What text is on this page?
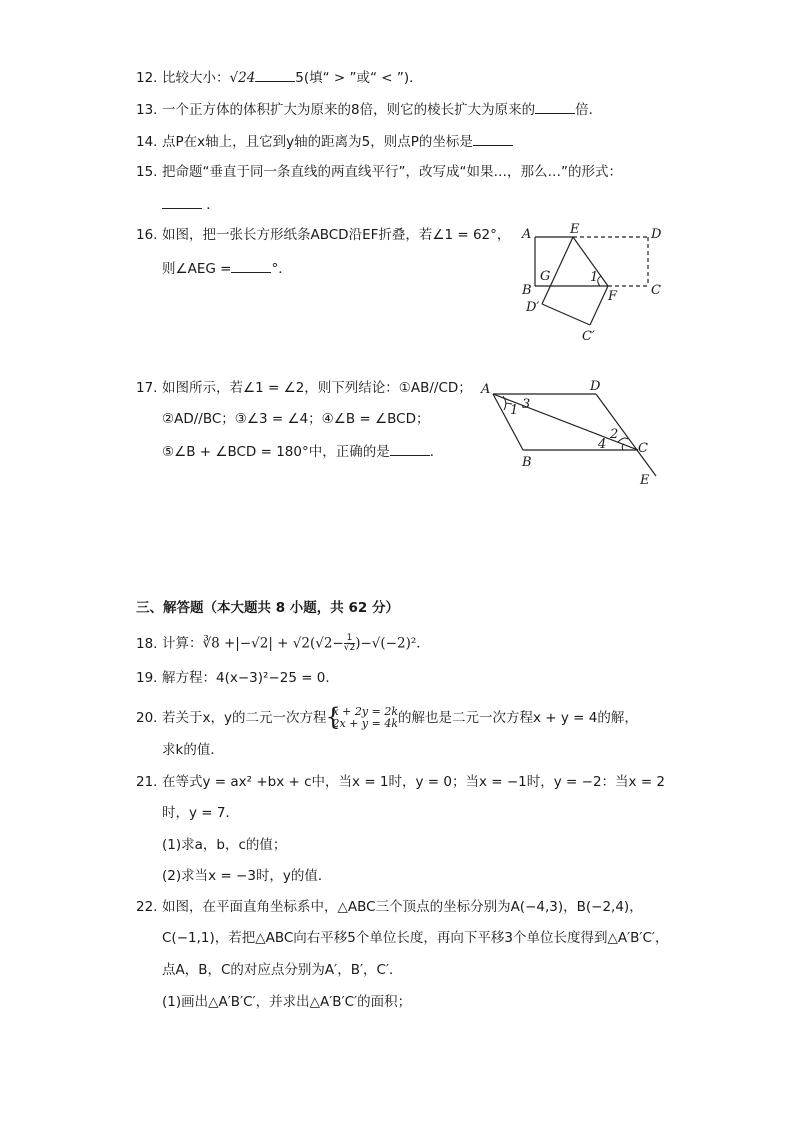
12. 比较大小：√24	5(填“ > ”或“ < ”)．
13. 一个正方体的体积扩大为原来的8倍，则它的棱长扩大为原来的	倍．
14. 点P在x轴上，且它到y轴的距离为5，则点P的坐标是
15. 把命题“垂直于同一条直线的两直线平行”，改写成“如果…，那么…”的形式：
．
16. 如图，把一张长方形纸条ABCD沿EF折叠，若∠1 = 62°，
则∠AEG =	°．
A	E	D
G	1
B	F	C
D′
C′
17. 如图所示，若∠1 = ∠2，则下列结论：①AB//CD；
②AD//BC；③∠3 = ∠4；④∠B = ∠BCD；
⑤∠B + ∠BCD = 180°中，正确的是	．
A	D
1 3
2
4 C
B
E
三、解答题（本大题共 8 小题，共 62 分）
18. 计算：∛8 $+|-√2| + √2(√2- \frac{1}{√2} )-√(-2)^2$．
19. 解方程：4(x−3)²−25 = 0．
20. 若关于x，y的二元一次方程
{ x + 2y = 2k
2x + y = 4k 的解也是二元一次方程x + y = 4的解，
求k的值．
21. 在等式y = ax² +bx + c中，当x = 1时，y = 0；当x = −1时，y = −2：当x = 2
时，y = 7．
(1)求a，b，c的值；
(2)求当x = −3时，y的值．
22. 如图，在平面直角坐标系中，△ABC三个顶点的坐标分别为A(−4,3)，B(−2,4)，
C(−1,1)，若把△ABC向右平移5个单位长度，再向下平移3个单位长度得到△A′B′C′，
点A，B，C的对应点分别为A′，B′，C′．
(1)画出△A′B′C′，并求出△A′B′C′的面积；
